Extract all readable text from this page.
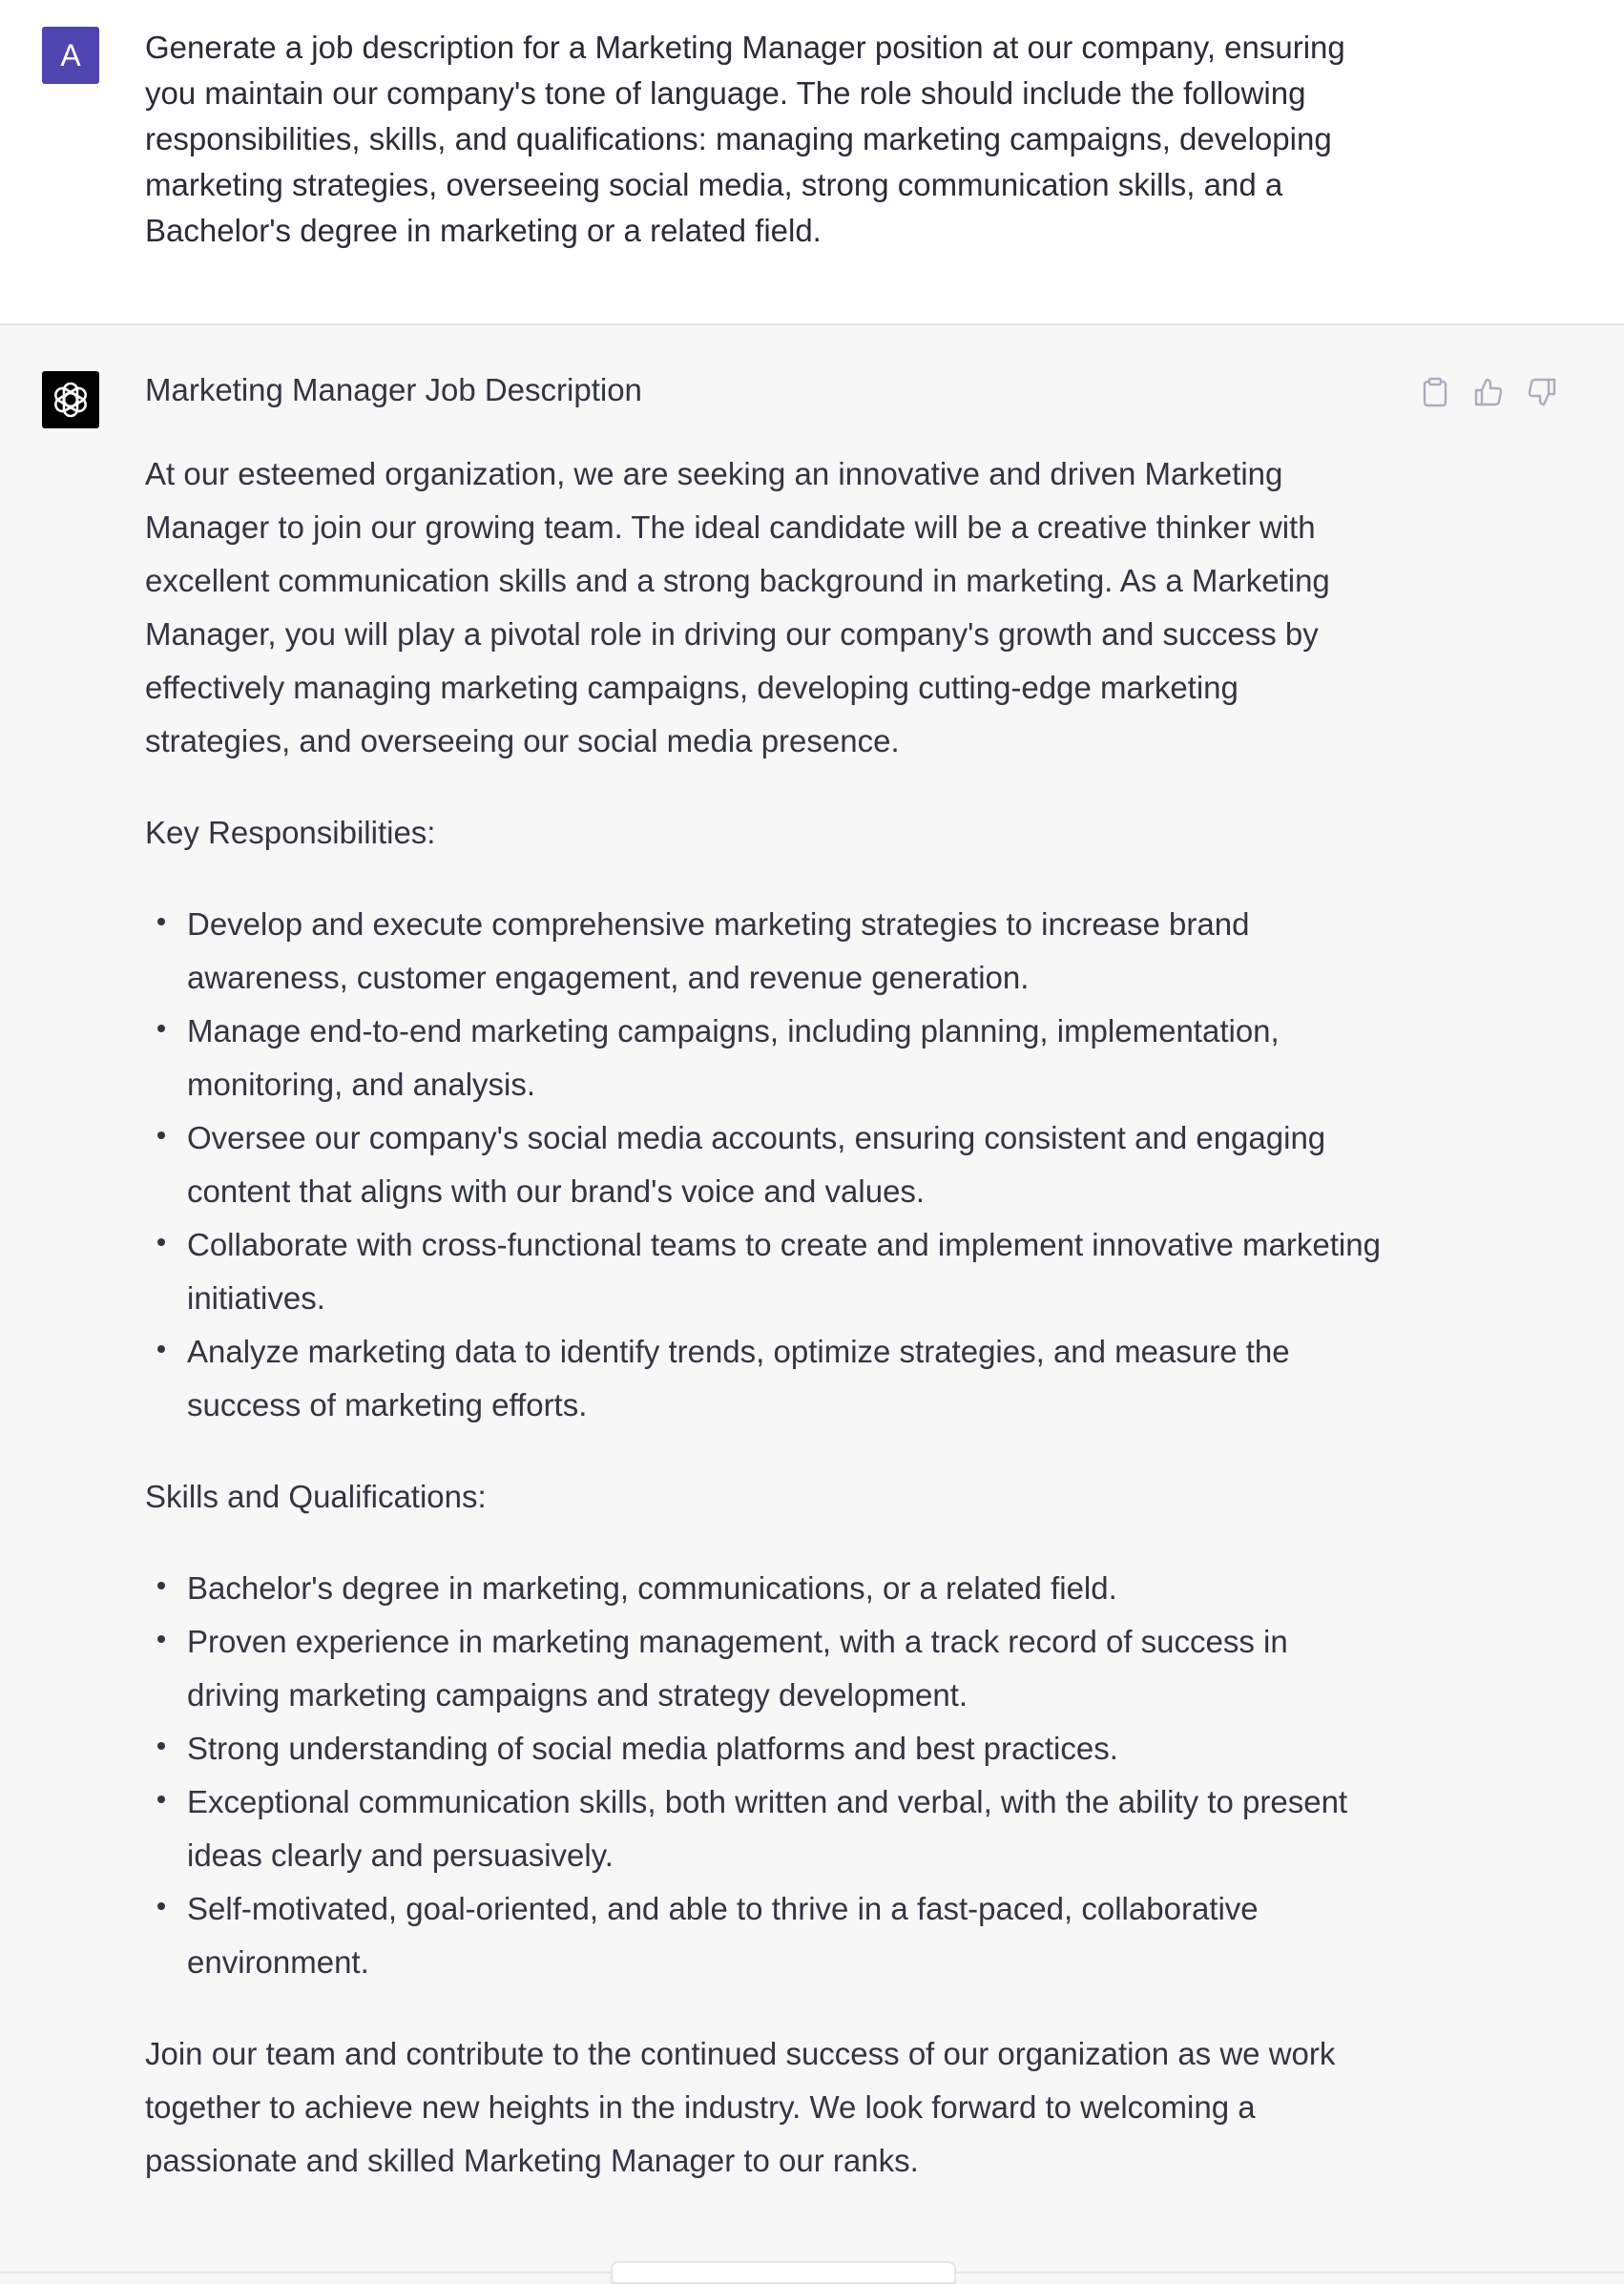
A	Generate a job description for a Marketing Manager position at our company, ensuring you maintain our company's tone of language. The role should include the following responsibilities, skills, and qualifications: managing marketing campaigns, developing marketing strategies, overseeing social media, strong communication skills, and a Bachelor's degree in marketing or a related field.

Marketing Manager Job Description

At our esteemed organization, we are seeking an innovative and driven Marketing Manager to join our growing team. The ideal candidate will be a creative thinker with excellent communication skills and a strong background in marketing. As a Marketing Manager, you will play a pivotal role in driving our company's growth and success by effectively managing marketing campaigns, developing cutting-edge marketing strategies, and overseeing our social media presence.

Key Responsibilities:

Develop and execute comprehensive marketing strategies to increase brand awareness, customer engagement, and revenue generation.
Manage end-to-end marketing campaigns, including planning, implementation, monitoring, and analysis.
Oversee our company's social media accounts, ensuring consistent and engaging content that aligns with our brand's voice and values.
Collaborate with cross-functional teams to create and implement innovative marketing initiatives.
Analyze marketing data to identify trends, optimize strategies, and measure the success of marketing efforts.

Skills and Qualifications:

Bachelor's degree in marketing, communications, or a related field.
Proven experience in marketing management, with a track record of success in driving marketing campaigns and strategy development.
Strong understanding of social media platforms and best practices.
Exceptional communication skills, both written and verbal, with the ability to present ideas clearly and persuasively.
Self-motivated, goal-oriented, and able to thrive in a fast-paced, collaborative environment.

Join our team and contribute to the continued success of our organization as we work together to achieve new heights in the industry. We look forward to welcoming a passionate and skilled Marketing Manager to our ranks.
